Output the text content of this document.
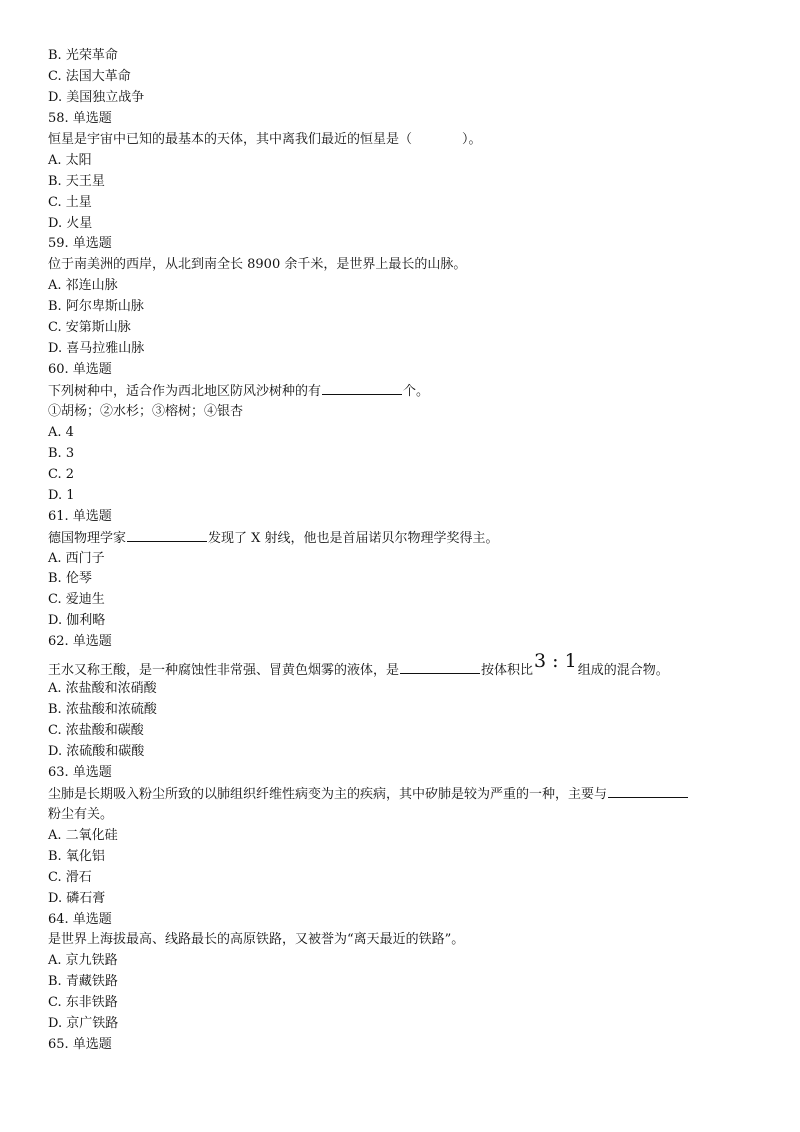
B. 光荣革命
C. 法国大革命
D. 美国独立战争
58. 单选题
恒星是宇宙中已知的最基本的天体，其中离我们最近的恒星是（	）。
A. 太阳
B. 天王星
C. 土星
D. 火星
59. 单选题
位于南美洲的西岸，从北到南全长 8900 余千米，是世界上最长的山脉。
A. 祁连山脉
B. 阿尔卑斯山脉
C. 安第斯山脉
D. 喜马拉雅山脉
60. 单选题
下列树种中，适合作为西北地区防风沙树种的有	个。
①胡杨；②水杉；③榕树；④银杏
A. 4
B. 3
C. 2
D. 1
61. 单选题
德国物理学家	发现了 X 射线，他也是首届诺贝尔物理学奖得主。
A. 西门子
B. 伦琴
C. 爱迪生
D. 伽利略
62. 单选题
王水又称王酸，是一种腐蚀性非常强、冒黄色烟雾的液体，是	按体积比3 : 1组成的混合物。
A. 浓盐酸和浓硝酸
B. 浓盐酸和浓硫酸
C. 浓盐酸和碳酸
D. 浓硫酸和碳酸
63. 单选题
尘肺是长期吸入粉尘所致的以肺组织纤维性病变为主的疾病，其中矽肺是较为严重的一种，主要与
粉尘有关。
A. 二氧化硅
B. 氧化铝
C. 滑石
D. 磷石膏
64. 单选题
是世界上海拔最高、线路最长的高原铁路，又被誉为“离天最近的铁路”。
A. 京九铁路
B. 青藏铁路
C. 东非铁路
D. 京广铁路
65. 单选题
